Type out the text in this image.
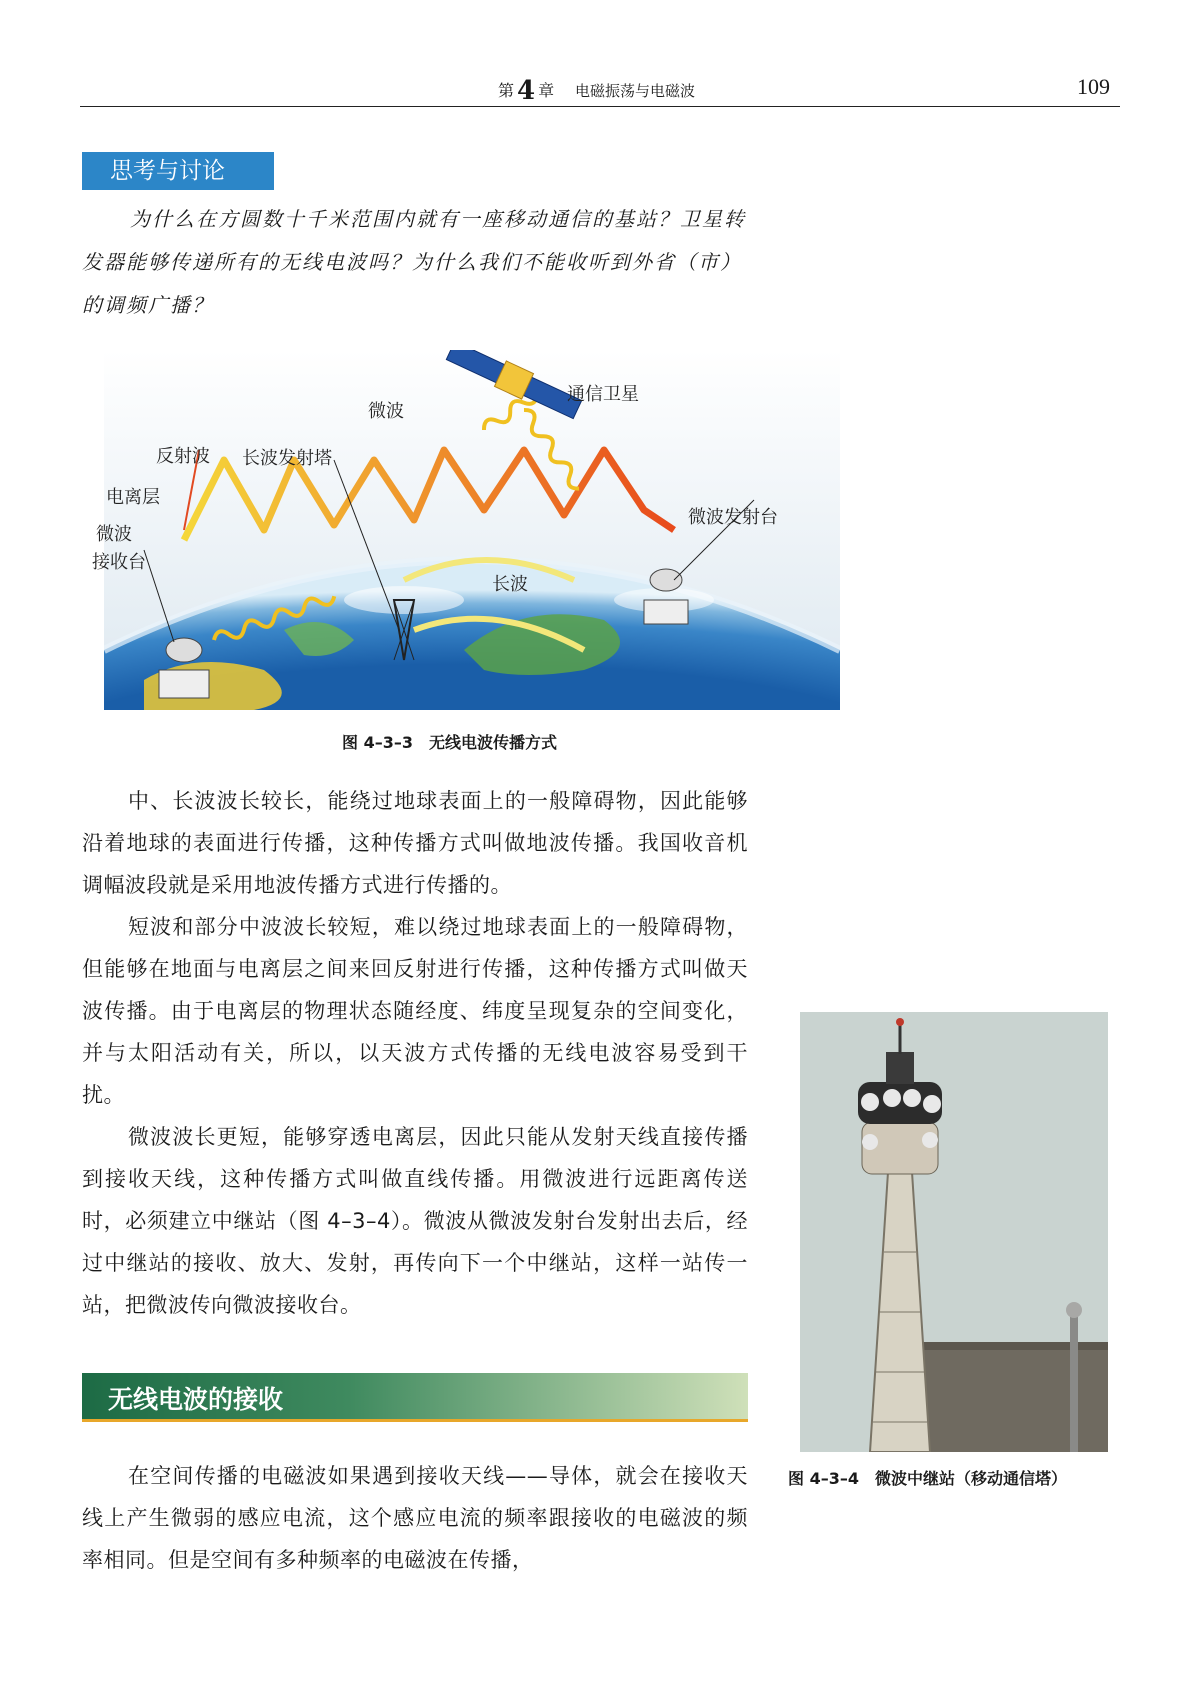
第 4 章 电磁振荡与电磁波	109
思考与讨论

为什么在方圆数十千米范围内就有一座移动通信的基站？卫星转发器能够传递所有的无线电波吗？为什么我们不能收听到外省（市）的调频广播？

通信卫星
微波
反射波 长波发射塔
电离层
微波
接收台
微波发射台
长波
图 4–3–3　无线电波传播方式

中、长波波长较长，能绕过地球表面上的一般障碍物，因此能够沿着地球的表面进行传播，这种传播方式叫做地波传播。我国收音机调幅波段就是采用地波传播方式进行传播的。

短波和部分中波波长较短，难以绕过地球表面上的一般障碍物，但能够在地面与电离层之间来回反射进行传播，这种传播方式叫做天波传播。由于电离层的物理状态随经度、纬度呈现复杂的空间变化，并与太阳活动有关，所以，以天波方式传播的无线电波容易受到干扰。

微波波长更短，能够穿透电离层，因此只能从发射天线直接传播到接收天线，这种传播方式叫做直线传播。用微波进行远距离传送时，必须建立中继站（图 4–3–4）。微波从微波发射台发射出去后，经过中继站的接收、放大、发射，再传向下一个中继站，这样一站传一站，把微波传向微波接收台。

无线电波的接收

在空间传播的电磁波如果遇到接收天线——导体，就会在接收天线上产生微弱的感应电流，这个感应电流的频率跟接收的电磁波的频率相同。但是空间有多种频率的电磁波在传播，

图 4–3–4　微波中继站（移动通信塔）
